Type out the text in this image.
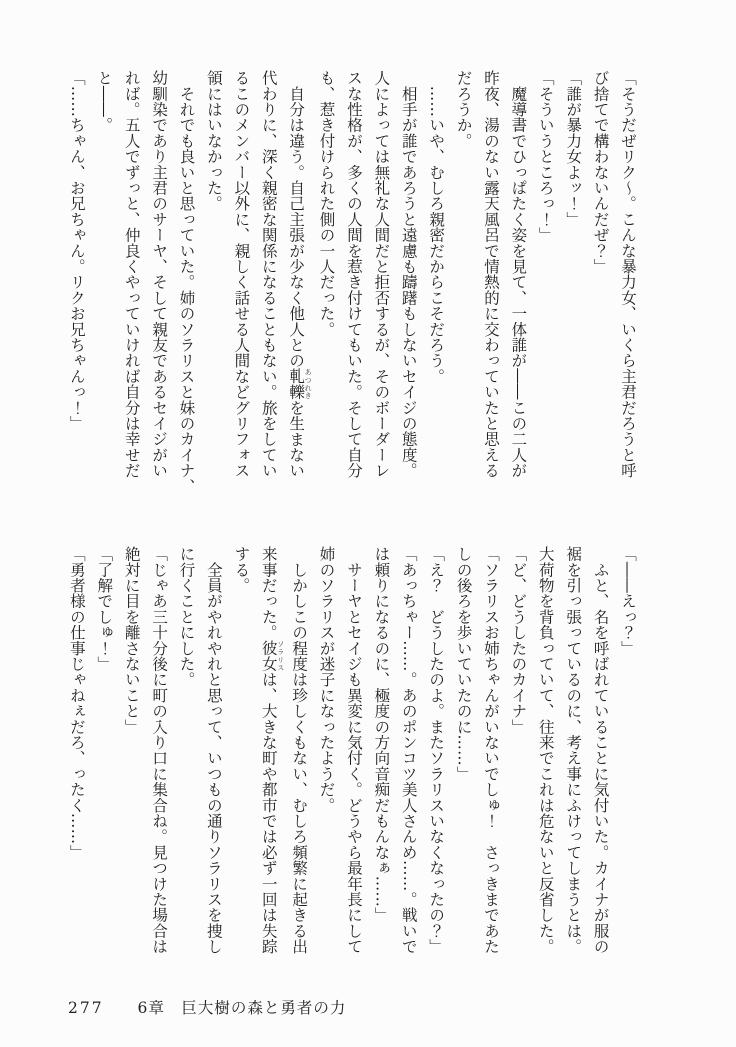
「そうだぜリク～。こんな暴力女、いくら主君だろうと呼
び捨てで構わないんだぜ？」
「誰が暴力女よッ！」
「そういうところっ！」
　魔導書でひっぱたく姿を見て、一体誰が――この二人が
昨夜、湯のない露天風呂で情熱的に交わっていたと思える
だろうか。
　……いや、むしろ親密だからこそだろう。
　相手が誰であろうと遠慮も躊躇もしないセイジの態度。
人によっては無礼な人間だと拒否するが、そのボーダーレ
スな性格が、多くの人間を惹き付けてもいた。そして自分
も、惹き付けられた側の一人だった。
　自分は違う。自己主張が少なく他人との軋轢 あつれきを生まない
代わりに、深く親密な関係になることもない。旅をしてい
るこのメンバー以外に、親しく話せる人間などグリフォス
領にはいなかった。
　それでも良いと思っていた。姉のソラリスと妹のカイナ、
幼馴染であり主君のサーヤ、そして親友であるセイジがい
れば。五人でずっと、仲良くやっていければ自分は幸せだ
と――。
「……ちゃん、お兄ちゃん。リクお兄ちゃんっ！」
「――えっ？」
　ふと、名を呼ばれていることに気付いた。カイナが服の
裾を引っ張っているのに、考え事にふけってしまうとは。
大荷物を背負っていて、往来でこれは危ないと反省した。
「ど、どうしたのカイナ」
「ソラリスお姉ちゃんがいないでしゅ！　さっきまであた
しの後ろを歩いていたのに……」
「え？　どうしたのよ。またソラリスいなくなったの？」
「あっちゃー……。あのポンコツ美人さんめ……。戦いで
は頼りになるのに、極度の方向音痴だもんなぁ……」
　サーヤとセイジも異変に気付く。どうやら最年長にして
姉のソラリスが迷子になったようだ。
　しかしこの程度は珍しくもない、むしろ頻繁に起きる出
来事だった。彼女 ソラリスは、大きな町や都市では必ず一回は失踪
する。
　全員がやれやれと思って、いつもの通りソラリスを捜し
に行くことにした。
「じゃあ三十分後に町の入り口に集合ね。見つけた場合は
絶対に目を離さないこと」
「了解でしゅ！」
「勇者様の仕事じゃねぇだろ、ったく……」
277 6章　巨大樹の森と勇者の力
